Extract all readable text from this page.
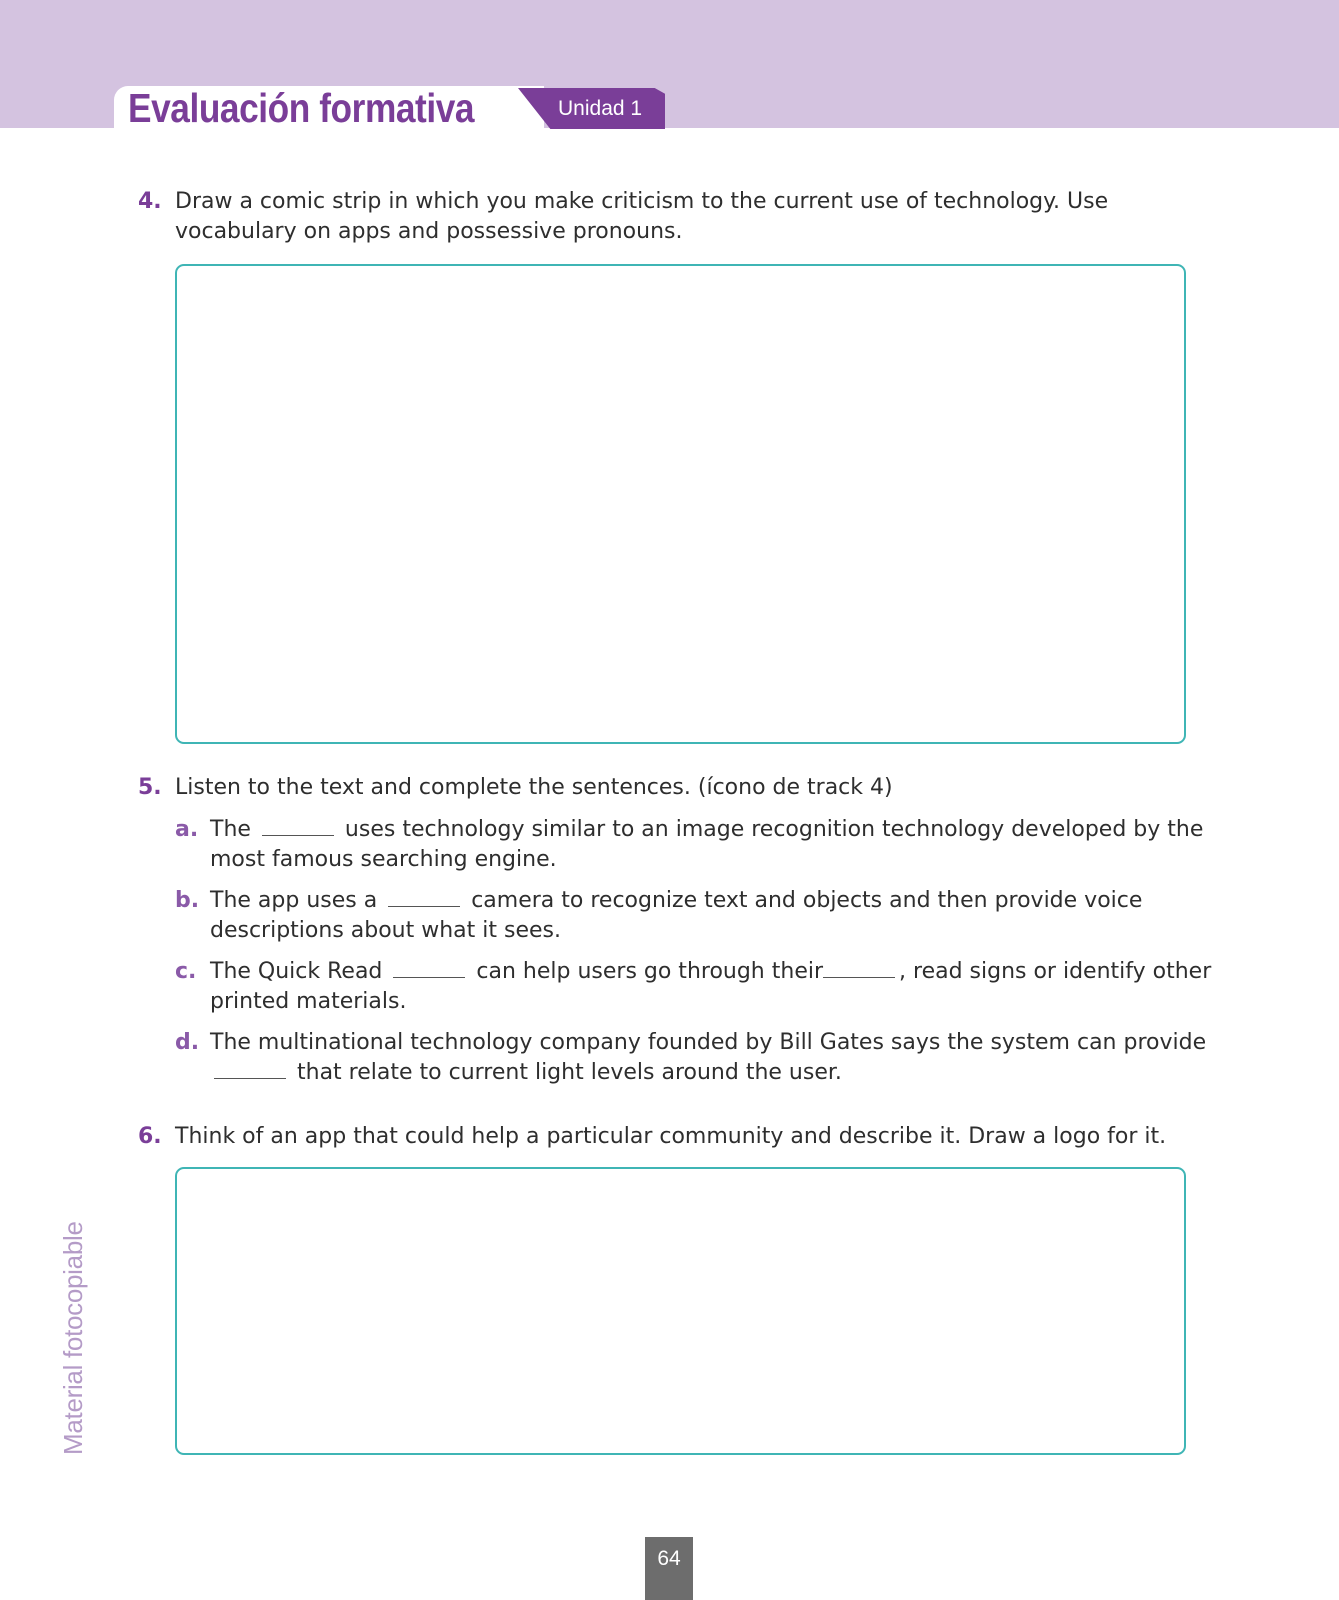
Evaluación formativa	Unidad 1
4. Draw a comic strip in which you make criticism to the current use of technology. Use vocabulary on apps and possessive pronouns.
5. Listen to the text and complete the sentences. (ícono de track 4)
a. The	uses technology similar to an image recognition technology developed by the most famous searching engine.
b. The app uses a	camera to recognize text and objects and then provide voice descriptions about what it sees.
c. The Quick Read	can help users go through their	, read signs or identify other printed materials.
d. The multinational technology company founded by Bill Gates says the system can provide  that relate to current light levels around the user.
6. Think of an app that could help a particular community and describe it. Draw a logo for it.
Material fotocopiable
64
